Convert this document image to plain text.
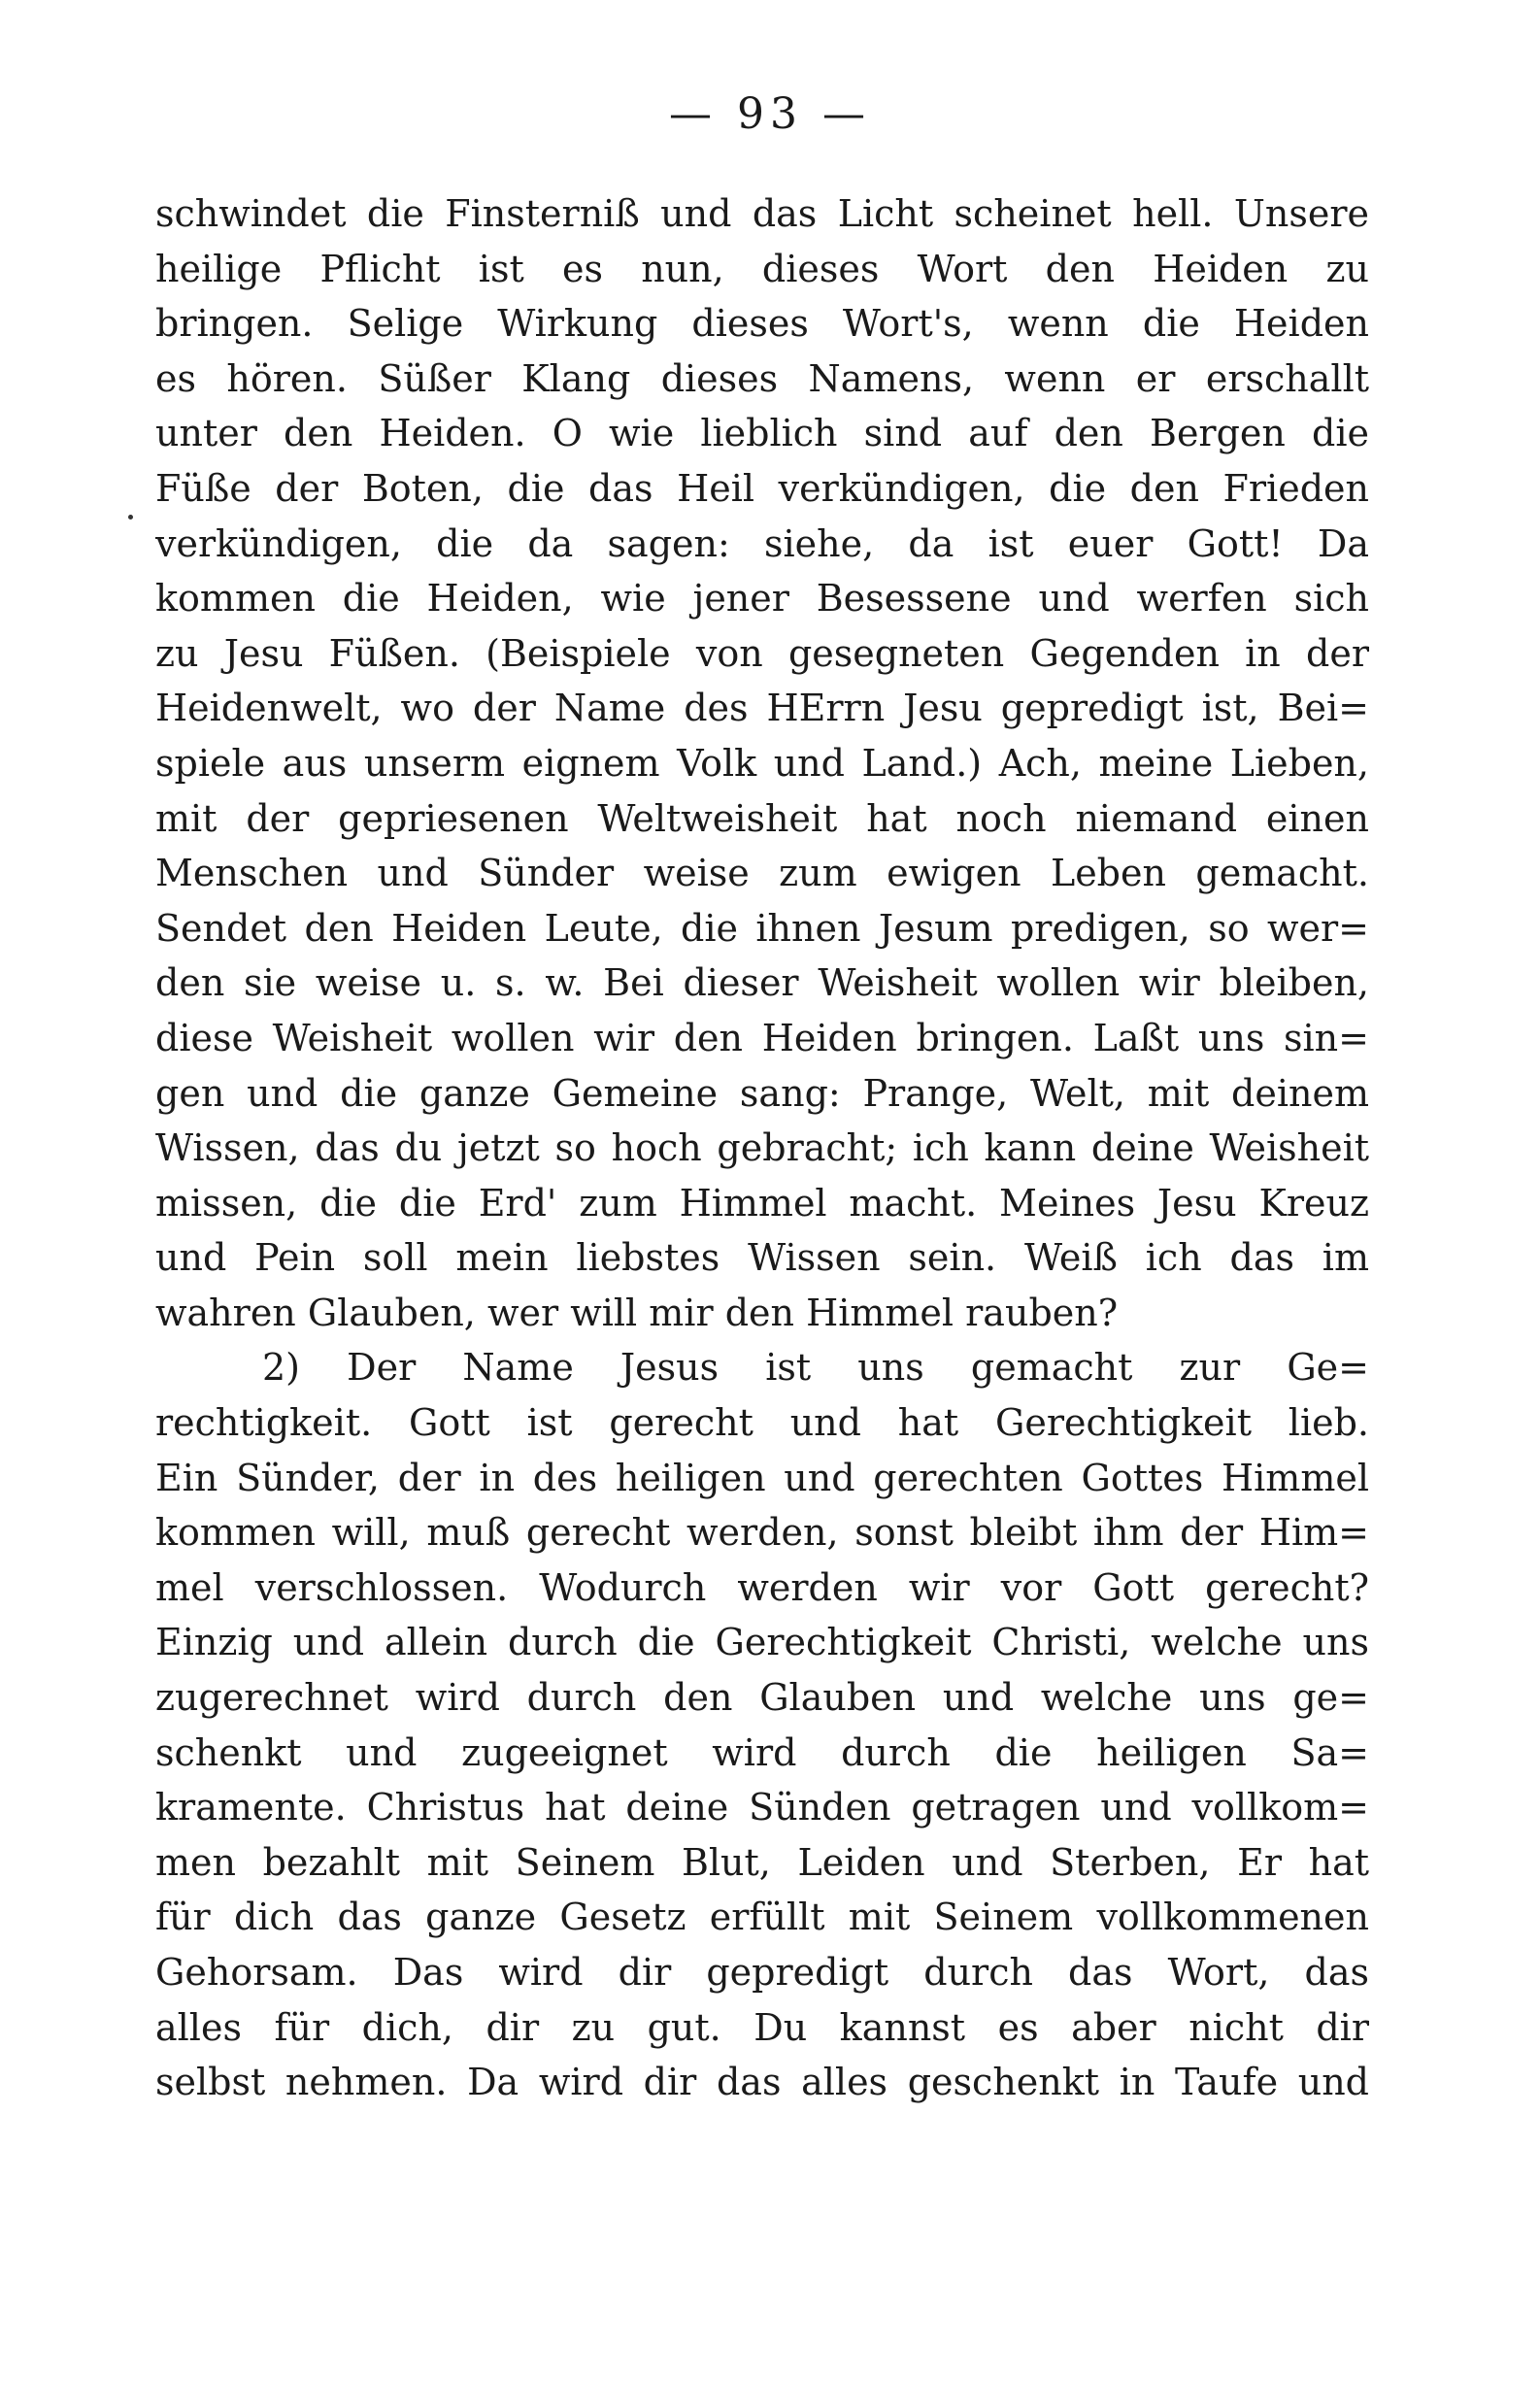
— 93 —
schwindet die Finsterniß und das Licht scheinet hell. Unsere
heilige Pflicht ist es nun, dieses Wort den Heiden zu
bringen. Selige Wirkung dieses Wort's, wenn die Heiden
es hören. Süßer Klang dieses Namens, wenn er erschallt
unter den Heiden. O wie lieblich sind auf den Bergen die
Füße der Boten, die das Heil verkündigen, die den Frieden
verkündigen, die da sagen: siehe, da ist euer Gott! Da
kommen die Heiden, wie jener Besessene und werfen sich
zu Jesu Füßen. (Beispiele von gesegneten Gegenden in der
Heidenwelt, wo der Name des HErrn Jesu gepredigt ist, Bei=
spiele aus unserm eignem Volk und Land.) Ach, meine Lieben,
mit der gepriesenen Weltweisheit hat noch niemand einen
Menschen und Sünder weise zum ewigen Leben gemacht.
Sendet den Heiden Leute, die ihnen Jesum predigen, so wer=
den sie weise u. s. w. Bei dieser Weisheit wollen wir bleiben,
diese Weisheit wollen wir den Heiden bringen. Laßt uns sin=
gen und die ganze Gemeine sang: Prange, Welt, mit deinem
Wissen, das du jetzt so hoch gebracht; ich kann deine Weisheit
missen, die die Erd' zum Himmel macht. Meines Jesu Kreuz
und Pein soll mein liebstes Wissen sein. Weiß ich das im
wahren Glauben, wer will mir den Himmel rauben?
2) Der Name Jesus ist uns gemacht zur Ge=
rechtigkeit. Gott ist gerecht und hat Gerechtigkeit lieb.
Ein Sünder, der in des heiligen und gerechten Gottes Himmel
kommen will, muß gerecht werden, sonst bleibt ihm der Him=
mel verschlossen. Wodurch werden wir vor Gott gerecht?
Einzig und allein durch die Gerechtigkeit Christi, welche uns
zugerechnet wird durch den Glauben und welche uns ge=
schenkt und zugeeignet wird durch die heiligen Sa=
kramente. Christus hat deine Sünden getragen und vollkom=
men bezahlt mit Seinem Blut, Leiden und Sterben, Er hat
für dich das ganze Gesetz erfüllt mit Seinem vollkommenen
Gehorsam. Das wird dir gepredigt durch das Wort, das
alles für dich, dir zu gut. Du kannst es aber nicht dir
selbst nehmen. Da wird dir das alles geschenkt in Taufe und
